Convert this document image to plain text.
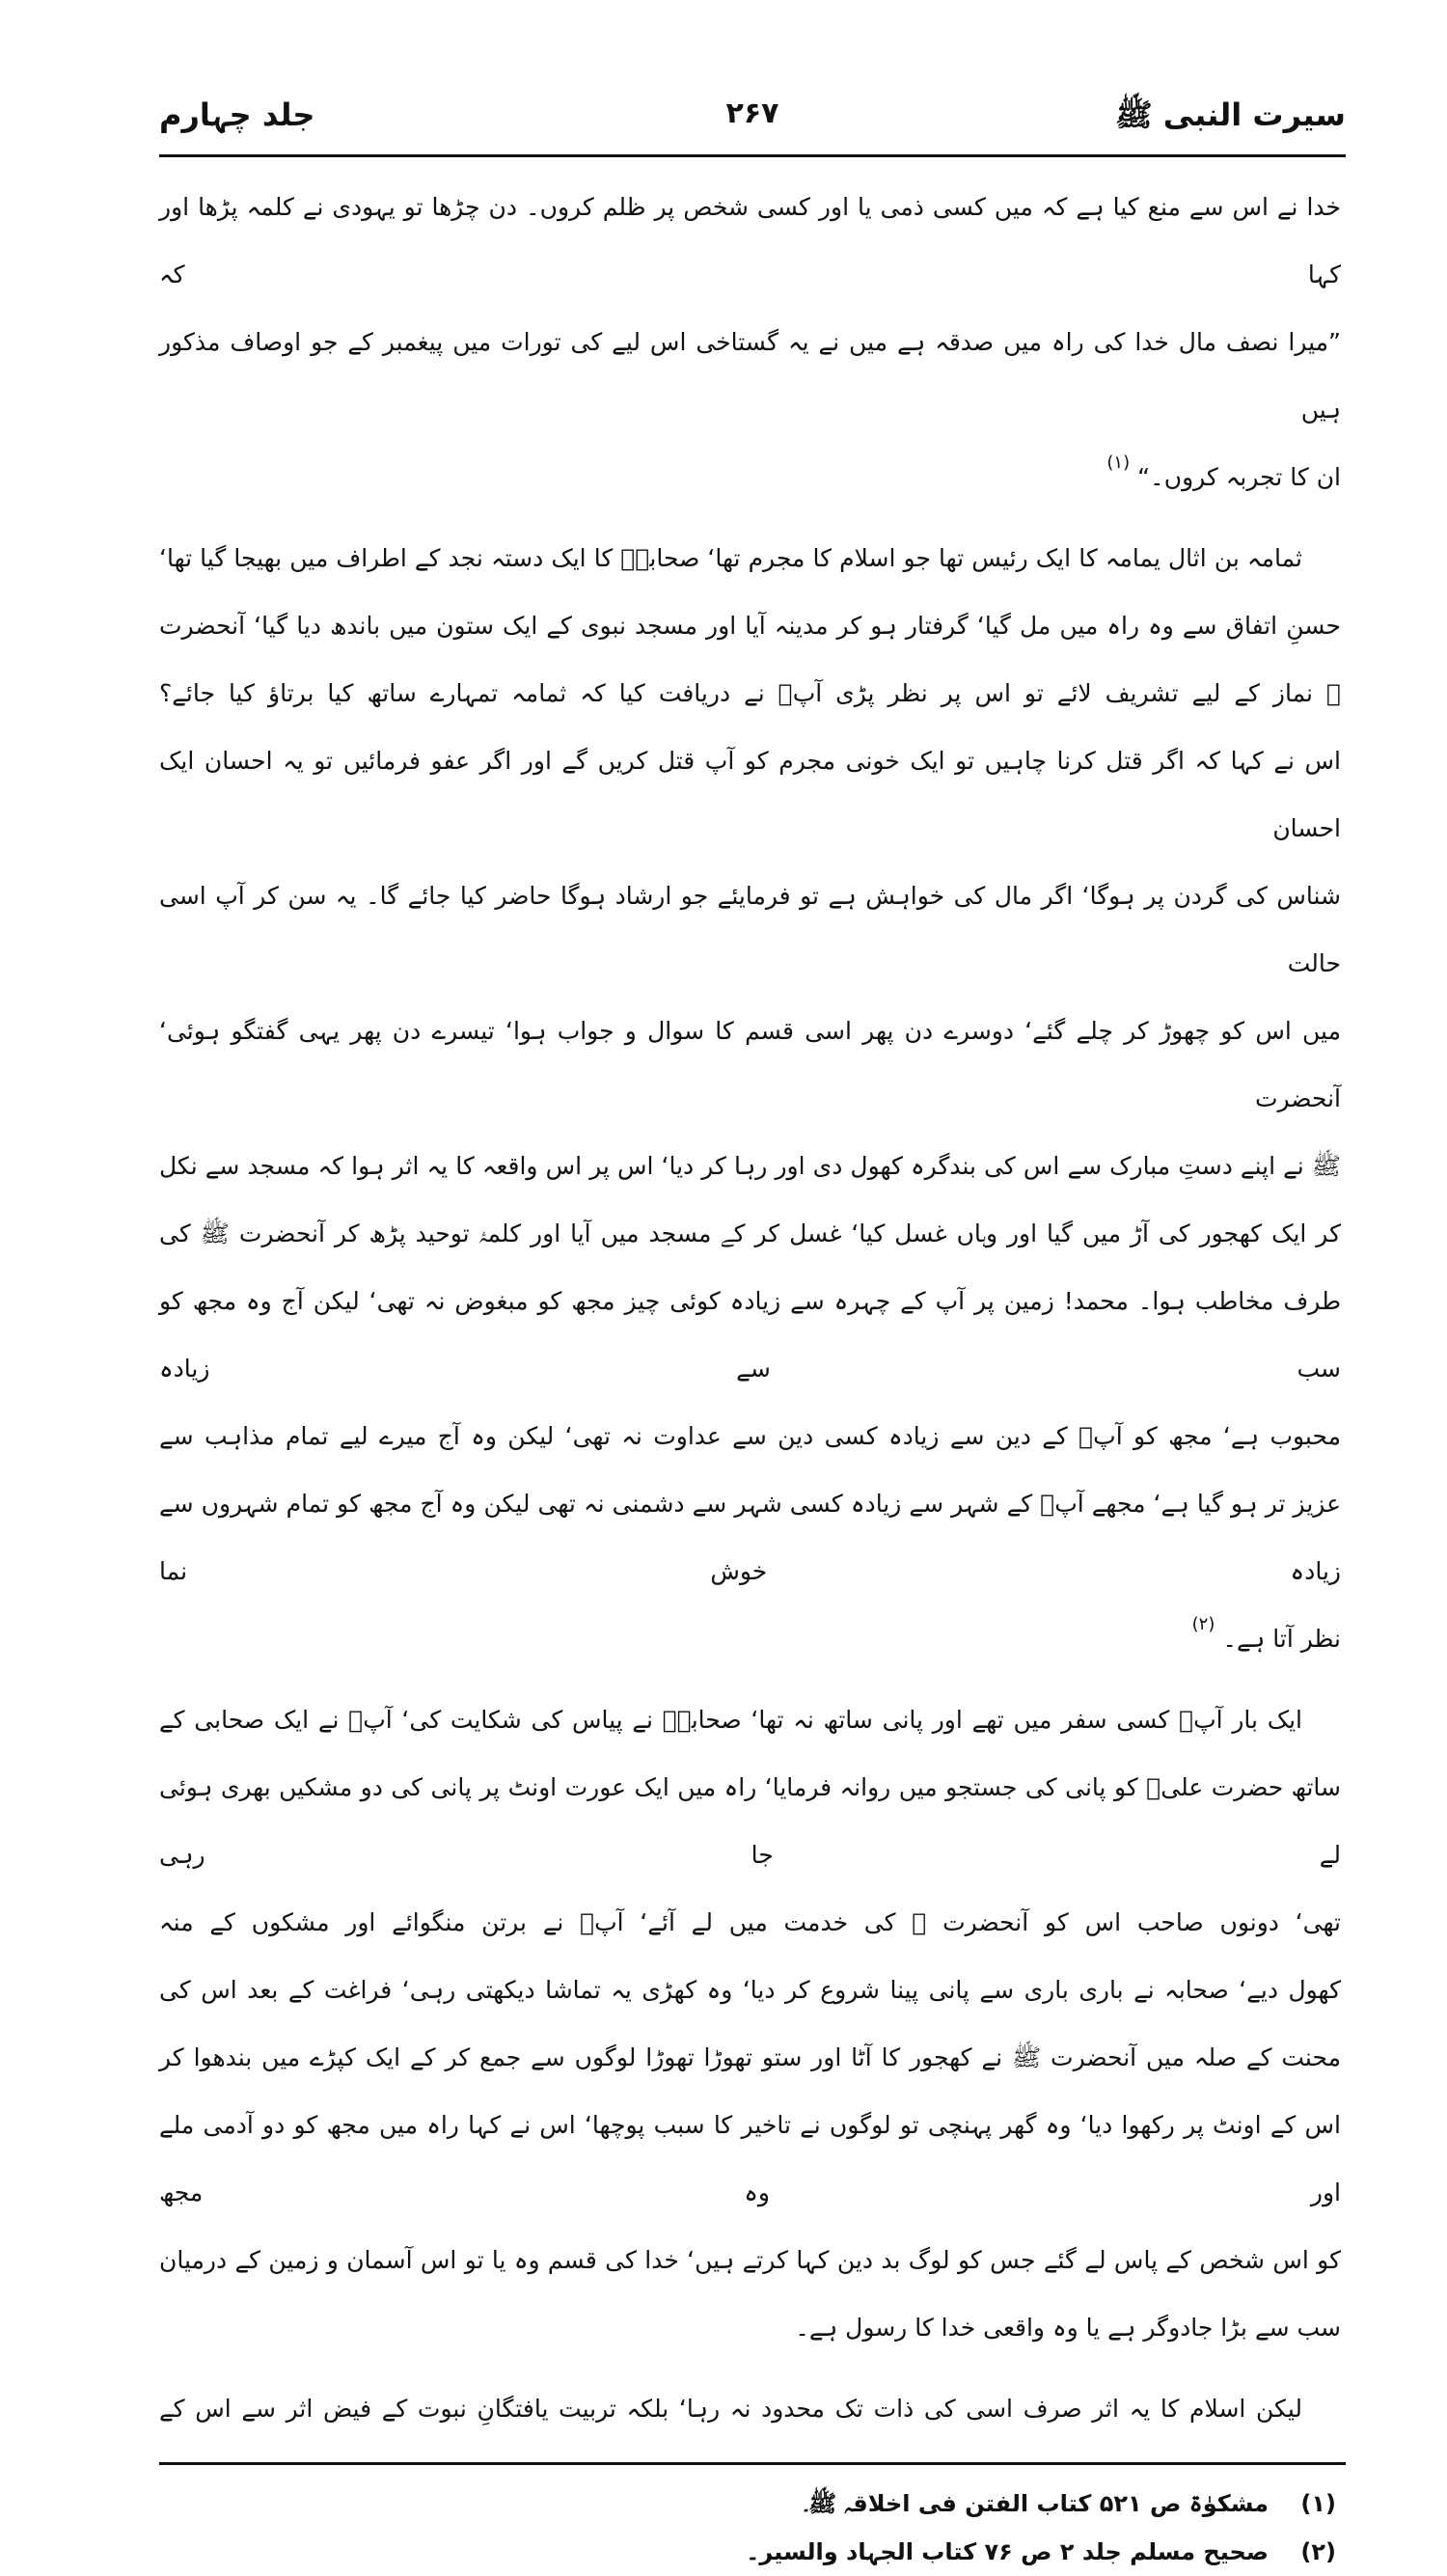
سیرت النبی ﷺ
۲۶۷
جلد چہارم
خدا نے اس سے منع کیا ہے کہ میں کسی ذمی یا اور کسی شخص پر ظلم کروں۔ دن چڑھا تو یہودی نے کلمہ پڑھا اور کہا کہ
”میرا نصف مال خدا کی راہ میں صدقہ ہے میں نے یہ گستاخی اس لیے کی تورات میں پیغمبر کے جو اوصاف مذکور ہیں
ان کا تجربہ کروں۔“$^{(۱)}$
ثمامہ بن اثال یمامہ کا ایک رئیس تھا جو اسلام کا مجرم تھا‘ صحابہؓ کا ایک دستہ نجد کے اطراف میں بھیجا گیا تھا‘
حسنِ اتفاق سے وہ راہ میں مل گیا‘ گرفتار ہو کر مدینہ آیا اور مسجد نبوی کے ایک ستون میں باندھ دیا گیا‘ آنحضرت
ﷺ نماز کے لیے تشریف لائے تو اس پر نظر پڑی آپؐ نے دریافت کیا کہ ثمامہ تمہارے ساتھ کیا برتاؤ کیا جائے؟
اس نے کہا کہ اگر قتل کرنا چاہیں تو ایک خونی مجرم کو آپ قتل کریں گے اور اگر عفو فرمائیں تو یہ احسان ایک احسان
شناس کی گردن پر ہوگا‘ اگر مال کی خواہش ہے تو فرمایئے جو ارشاد ہوگا حاضر کیا جائے گا۔ یہ سن کر آپ اسی حالت
میں اس کو چھوڑ کر چلے گئے‘ دوسرے دن پھر اسی قسم کا سوال و جواب ہوا‘ تیسرے دن پھر یہی گفتگو ہوئی‘ آنحضرت
ﷺ نے اپنے دستِ مبارک سے اس کی بندگرہ کھول دی اور رہا کر دیا‘ اس پر اس واقعہ کا یہ اثر ہوا کہ مسجد سے نکل
کر ایک کھجور کی آڑ میں گیا اور وہاں غسل کیا‘ غسل کر کے مسجد میں آیا اور کلمۂ توحید پڑھ کر آنحضرت ﷺ کی
طرف مخاطب ہوا۔ محمد! زمین پر آپ کے چہرہ سے زیادہ کوئی چیز مجھ کو مبغوض نہ تھی‘ لیکن آج وہ مجھ کو سب سے زیادہ
محبوب ہے‘ مجھ کو آپؐ کے دین سے زیادہ کسی دین سے عداوت نہ تھی‘ لیکن وہ آج میرے لیے تمام مذاہب سے
عزیز تر ہو گیا ہے‘ مجھے آپؐ کے شہر سے زیادہ کسی شہر سے دشمنی نہ تھی لیکن وہ آج مجھ کو تمام شہروں سے زیادہ خوش نما
نظر آتا ہے۔$^{(۲)}$
ایک بار آپؐ کسی سفر میں تھے اور پانی ساتھ نہ تھا‘ صحابہؓ نے پیاس کی شکایت کی‘ آپؐ نے ایک صحابی کے
ساتھ حضرت علیؓ کو پانی کی جستجو میں روانہ فرمایا‘ راہ میں ایک عورت اونٹ پر پانی کی دو مشکیں بھری ہوئی لے جا رہی
تھی‘ دونوں صاحب اس کو آنحضرت ﷺ کی خدمت میں لے آئے‘ آپؐ نے برتن منگوائے اور مشکوں کے منہ
کھول دیے‘ صحابہ نے باری باری سے پانی پینا شروع کر دیا‘ وہ کھڑی یہ تماشا دیکھتی رہی‘ فراغت کے بعد اس کی
محنت کے صلہ میں آنحضرت ﷺ نے کھجور کا آٹا اور ستو تھوڑا تھوڑا لوگوں سے جمع کر کے ایک کپڑے میں بندھوا کر
اس کے اونٹ پر رکھوا دیا‘ وہ گھر پہنچی تو لوگوں نے تاخیر کا سبب پوچھا‘ اس نے کہا راہ میں مجھ کو دو آدمی ملے اور وہ مجھ
کو اس شخص کے پاس لے گئے جس کو لوگ بد دین کہا کرتے ہیں‘ خدا کی قسم وہ یا تو اس آسمان و زمین کے درمیان
سب سے بڑا جادوگر ہے یا وہ واقعی خدا کا رسول ہے۔
لیکن اسلام کا یہ اثر صرف اسی کی ذات تک محدود نہ رہا‘ بلکہ تربیت یافتگانِ نبوت کے فیض اثر سے اس کے
(۱)مشکوٰۃ ص ۵۲۱ کتاب الفتن فی اخلاقہ ﷺ۔
(۲)صحیح مسلم جلد ۲ ص ۷۶ کتاب الجہاد والسیر۔
